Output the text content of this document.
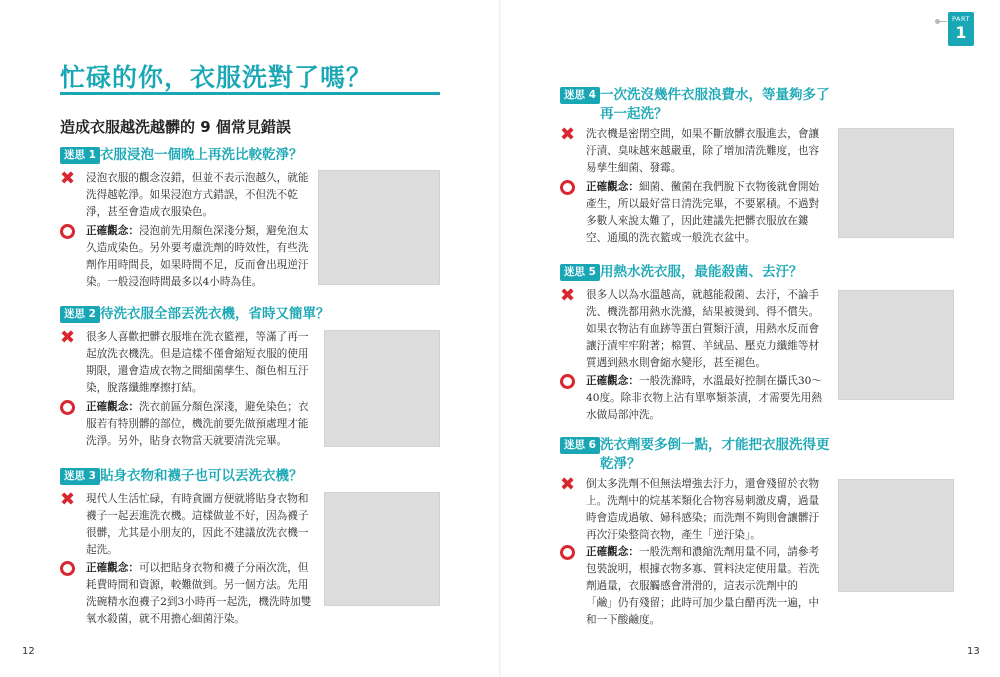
忙碌的你，衣服洗對了嗎？
造成衣服越洗越髒的 9 個常見錯誤
迷思 1 衣服浸泡一個晚上再洗比較乾淨？
✖ 浸泡衣服的觀念沒錯，但並不表示泡越久，就能洗得越乾淨。如果浸泡方式錯誤，不但洗不乾淨，甚至會造成衣服染色。
正確觀念：浸泡前先用顏色深淺分類，避免泡太久造成染色。另外要考慮洗劑的時效性，有些洗劑作用時間長，如果時間不足，反而會出現逆汙染。一般浸泡時間最多以4小時為佳。
迷思 2 待洗衣服全部丟洗衣機，省時又簡單？
✖ 很多人喜歡把髒衣服堆在洗衣籃裡，等滿了再一起放洗衣機洗。但是這樣不僅會縮短衣服的使用期限，還會造成衣物之間細菌孳生、顏色相互汙染，脫落纖維摩擦打結。
正確觀念：洗衣前區分顏色深淺，避免染色；衣服若有特別髒的部位，機洗前要先做預處理才能洗淨。另外，貼身衣物當天就要清洗完畢。
迷思 3 貼身衣物和襪子也可以丟洗衣機？
✖ 現代人生活忙碌，有時貪圖方便就將貼身衣物和襪子一起丟進洗衣機。這樣做並不好，因為襪子很髒，尤其是小朋友的，因此不建議放洗衣機一起洗。
正確觀念：可以把貼身衣物和襪子分兩次洗，但耗費時間和資源，較難做到。另一個方法。先用洗碗精水泡襪子2到3小時再一起洗，機洗時加雙氧水殺菌，就不用擔心細菌汙染。
12
迷思 4 一次洗沒幾件衣服浪費水，等量夠多了再一起洗？
✖ 洗衣機是密閉空間，如果不斷放髒衣服進去，會讓汙漬、臭味越來越嚴重，除了增加清洗難度，也容易孳生細菌、發霉。
正確觀念：細菌、黴菌在我們脫下衣物後就會開始產生，所以最好當日清洗完畢，不要累積。不過對多數人來說太難了，因此建議先把髒衣服放在鏤空、通風的洗衣籃或一般洗衣盆中。
迷思 5 用熱水洗衣服，最能殺菌、去汙？
✖ 很多人以為水溫越高，就越能殺菌、去汙，不論手洗、機洗都用熱水洗滌，結果被燙到、得不償失。如果衣物沾有血跡等蛋白質類汙漬，用熱水反而會讓汙漬牢牢附著；棉質、羊絨品、壓克力纖維等材質遇到熱水則會縮水變形，甚至褪色。
正確觀念：一般洗滌時，水溫最好控制在攝氏30～40度。除非衣物上沾有單寧類茶漬，才需要先用熱水做局部沖洗。
迷思 6 洗衣劑要多倒一點，才能把衣服洗得更乾淨？
✖ 倒太多洗劑不但無法增強去汙力，還會殘留於衣物上。洗劑中的烷基苯類化合物容易刺激皮膚，過量時會造成過敏、婦科感染；而洗劑不夠則會讓髒汙再次汙染整筒衣物，產生「逆汙染」。
正確觀念：一般洗劑和濃縮洗劑用量不同，請參考包裝說明，根據衣物多寡、質料決定使用量。若洗劑過量，衣服觸感會滑滑的，這表示洗劑中的「鹼」仍有殘留；此時可加少量白醋再洗一遍，中和一下酸鹼度。
13
PART
1
